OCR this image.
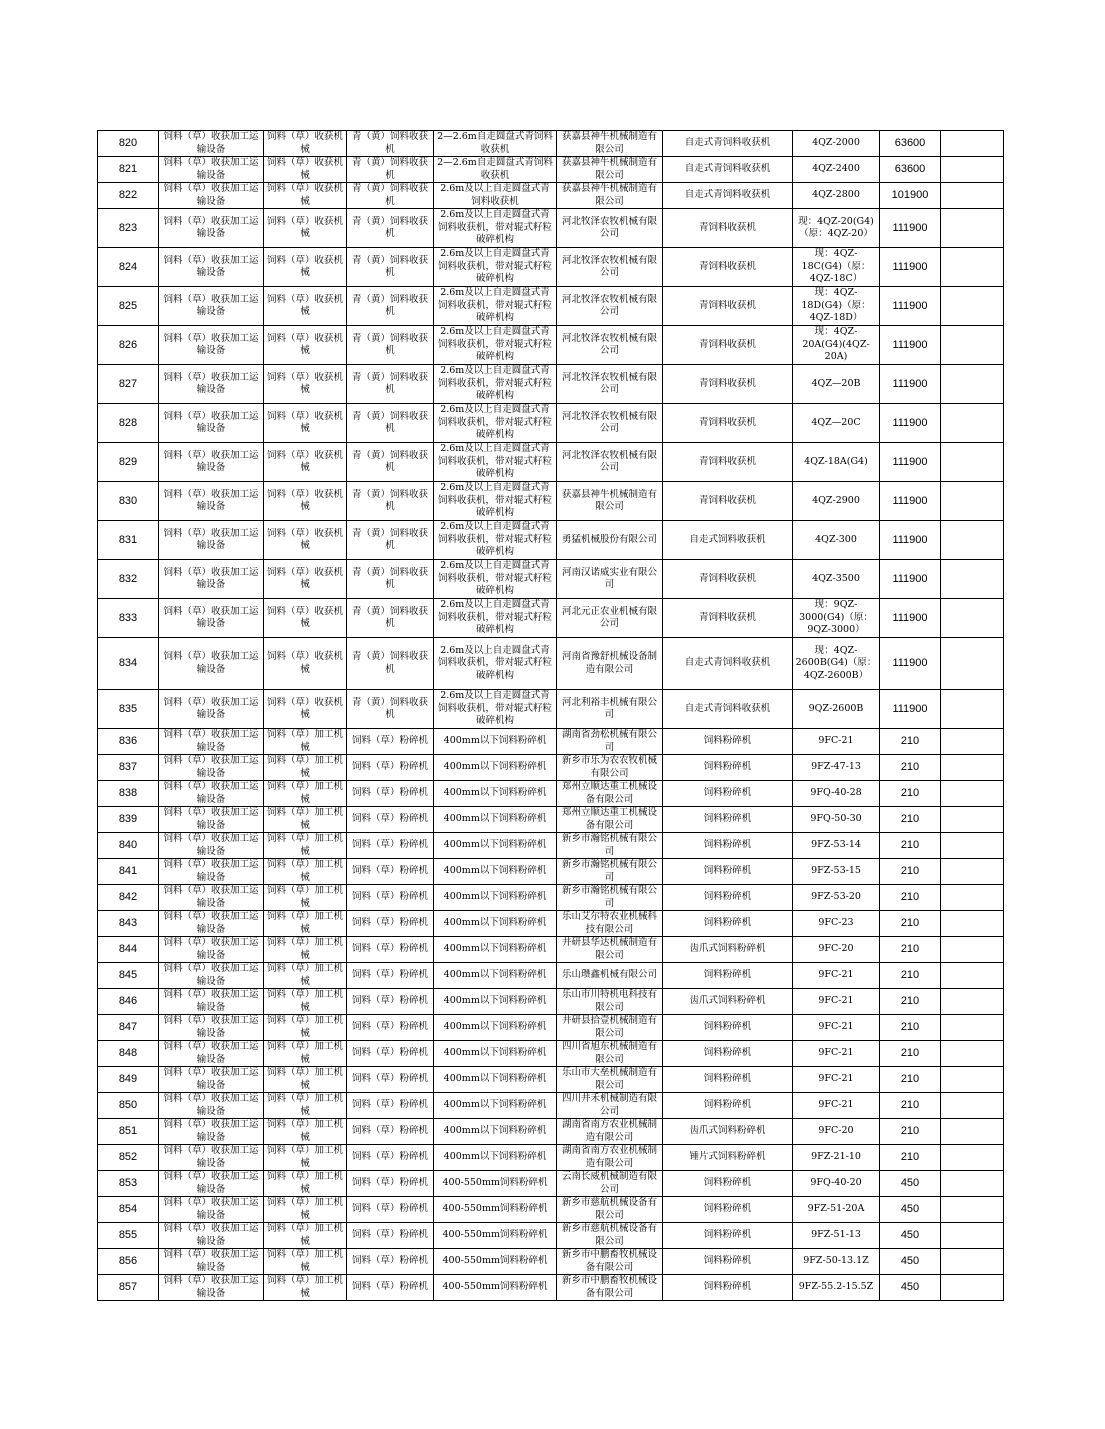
820	饲料（草）收获加工运输设备	饲料（草）收获机械	青（黄）饲料收获机	2—2.6m自走圆盘式青饲料收获机	获嘉县神牛机械制造有限公司	自走式青饲料收获机	4QZ-2000	63600	

821	饲料（草）收获加工运输设备	饲料（草）收获机械	青（黄）饲料收获机	2—2.6m自走圆盘式青饲料收获机	获嘉县神牛机械制造有限公司	自走式青饲料收获机	4QZ-2400	63600	

822	饲料（草）收获加工运输设备	饲料（草）收获机械	青（黄）饲料收获机	2.6m及以上自走圆盘式青饲料收获机	获嘉县神牛机械制造有限公司	自走式青饲料收获机	4QZ-2800	101900	

823	饲料（草）收获加工运输设备	饲料（草）收获机械	青（黄）饲料收获机	2.6m及以上自走圆盘式青饲料收获机，带对辊式籽粒破碎机构	河北牧泽农牧机械有限公司	青饲料收获机	现：4QZ-20(G4)（原：4QZ-20）	111900	

824	饲料（草）收获加工运输设备	饲料（草）收获机械	青（黄）饲料收获机	2.6m及以上自走圆盘式青饲料收获机，带对辊式籽粒破碎机构	河北牧泽农牧机械有限公司	青饲料收获机	现：4QZ-18C(G4)（原：4QZ-18C）	111900	

825	饲料（草）收获加工运输设备	饲料（草）收获机械	青（黄）饲料收获机	2.6m及以上自走圆盘式青饲料收获机，带对辊式籽粒破碎机构	河北牧泽农牧机械有限公司	青饲料收获机	现：4QZ-18D(G4)（原：4QZ-18D）	111900	

826	饲料（草）收获加工运输设备	饲料（草）收获机械	青（黄）饲料收获机	2.6m及以上自走圆盘式青饲料收获机，带对辊式籽粒破碎机构	河北牧泽农牧机械有限公司	青饲料收获机	现：4QZ-20A(G4)(4QZ-20A)	111900	

827	饲料（草）收获加工运输设备	饲料（草）收获机械	青（黄）饲料收获机	2.6m及以上自走圆盘式青饲料收获机，带对辊式籽粒破碎机构	河北牧泽农牧机械有限公司	青饲料收获机	4QZ—20B	111900	

828	饲料（草）收获加工运输设备	饲料（草）收获机械	青（黄）饲料收获机	2.6m及以上自走圆盘式青饲料收获机，带对辊式籽粒破碎机构	河北牧泽农牧机械有限公司	青饲料收获机	4QZ—20C	111900	

829	饲料（草）收获加工运输设备	饲料（草）收获机械	青（黄）饲料收获机	2.6m及以上自走圆盘式青饲料收获机，带对辊式籽粒破碎机构	河北牧泽农牧机械有限公司	青饲料收获机	4QZ-18A(G4)	111900	

830	饲料（草）收获加工运输设备	饲料（草）收获机械	青（黄）饲料收获机	2.6m及以上自走圆盘式青饲料收获机，带对辊式籽粒破碎机构	获嘉县神牛机械制造有限公司	青饲料收获机	4QZ-2900	111900	

831	饲料（草）收获加工运输设备	饲料（草）收获机械	青（黄）饲料收获机	2.6m及以上自走圆盘式青饲料收获机，带对辊式籽粒破碎机构	勇猛机械股份有限公司	自走式饲料收获机	4QZ-300	111900	

832	饲料（草）收获加工运输设备	饲料（草）收获机械	青（黄）饲料收获机	2.6m及以上自走圆盘式青饲料收获机，带对辊式籽粒破碎机构	河南汉诺威实业有限公司	青饲料收获机	4QZ-3500	111900	

833	饲料（草）收获加工运输设备	饲料（草）收获机械	青（黄）饲料收获机	2.6m及以上自走圆盘式青饲料收获机，带对辊式籽粒破碎机构	河北元正农业机械有限公司	青饲料收获机	现：9QZ-3000(G4)（原：9QZ-3000）	111900	

834	饲料（草）收获加工运输设备	饲料（草）收获机械	青（黄）饲料收获机	2.6m及以上自走圆盘式青饲料收获机，带对辊式籽粒破碎机构	河南省豫舒机械设备制造有限公司	自走式青饲料收获机	现：4QZ-2600B(G4)（原：4QZ-2600B）	111900	

835	饲料（草）收获加工运输设备	饲料（草）收获机械	青（黄）饲料收获机	2.6m及以上自走圆盘式青饲料收获机，带对辊式籽粒破碎机构	河北利裕丰机械有限公司	自走式青饲料收获机	9QZ-2600B	111900	

836	饲料（草）收获加工运输设备	饲料（草）加工机械	饲料（草）粉碎机	400mm以下饲料粉碎机	湖南省劲松机械有限公司	饲料粉碎机	9FC-21	210	

837	饲料（草）收获加工运输设备	饲料（草）加工机械	饲料（草）粉碎机	400mm以下饲料粉碎机	新乡市乐为农农牧机械有限公司	饲料粉碎机	9FZ-47-13	210	

838	饲料（草）收获加工运输设备	饲料（草）加工机械	饲料（草）粉碎机	400mm以下饲料粉碎机	郑州立顺达重工机械设备有限公司	饲料粉碎机	9FQ-40-28	210	

839	饲料（草）收获加工运输设备	饲料（草）加工机械	饲料（草）粉碎机	400mm以下饲料粉碎机	郑州立顺达重工机械设备有限公司	饲料粉碎机	9FQ-50-30	210	

840	饲料（草）收获加工运输设备	饲料（草）加工机械	饲料（草）粉碎机	400mm以下饲料粉碎机	新乡市瀚铭机械有限公司	饲料粉碎机	9FZ-53-14	210	

841	饲料（草）收获加工运输设备	饲料（草）加工机械	饲料（草）粉碎机	400mm以下饲料粉碎机	新乡市瀚铭机械有限公司	饲料粉碎机	9FZ-53-15	210	

842	饲料（草）收获加工运输设备	饲料（草）加工机械	饲料（草）粉碎机	400mm以下饲料粉碎机	新乡市瀚铭机械有限公司	饲料粉碎机	9FZ-53-20	210	

843	饲料（草）收获加工运输设备	饲料（草）加工机械	饲料（草）粉碎机	400mm以下饲料粉碎机	乐山艾尔特农业机械科技有限公司	饲料粉碎机	9FC-23	210	

844	饲料（草）收获加工运输设备	饲料（草）加工机械	饲料（草）粉碎机	400mm以下饲料粉碎机	井研县华达机械制造有限公司	齿爪式饲料粉碎机	9FC-20	210	

845	饲料（草）收获加工运输设备	饲料（草）加工机械	饲料（草）粉碎机	400mm以下饲料粉碎机	乐山瓒鑫机械有限公司	饲料粉碎机	9FC-21	210	

846	饲料（草）收获加工运输设备	饲料（草）加工机械	饲料（草）粉碎机	400mm以下饲料粉碎机	乐山市川特机电科技有限公司	齿爪式饲料粉碎机	9FC-21	210	

847	饲料（草）收获加工运输设备	饲料（草）加工机械	饲料（草）粉碎机	400mm以下饲料粉碎机	井研县拾壹机械制造有限公司	饲料粉碎机	9FC-21	210	

848	饲料（草）收获加工运输设备	饲料（草）加工机械	饲料（草）粉碎机	400mm以下饲料粉碎机	四川省旭东机械制造有限公司	饲料粉碎机	9FC-21	210	

849	饲料（草）收获加工运输设备	饲料（草）加工机械	饲料（草）粉碎机	400mm以下饲料粉碎机	乐山市大垒机械制造有限公司	饲料粉碎机	9FC-21	210	

850	饲料（草）收获加工运输设备	饲料（草）加工机械	饲料（草）粉碎机	400mm以下饲料粉碎机	四川井禾机械制造有限公司	饲料粉碎机	9FC-21	210	

851	饲料（草）收获加工运输设备	饲料（草）加工机械	饲料（草）粉碎机	400mm以下饲料粉碎机	湖南省南方农业机械制造有限公司	齿爪式饲料粉碎机	9FC-20	210	

852	饲料（草）收获加工运输设备	饲料（草）加工机械	饲料（草）粉碎机	400mm以下饲料粉碎机	湖南省南方农业机械制造有限公司	锤片式饲料粉碎机	9FZ-21-10	210	

853	饲料（草）收获加工运输设备	饲料（草）加工机械	饲料（草）粉碎机	400-550mm饲料粉碎机	云南长威机械制造有限公司	饲料粉碎机	9FQ-40-20	450	

854	饲料（草）收获加工运输设备	饲料（草）加工机械	饲料（草）粉碎机	400-550mm饲料粉碎机	新乡市慈航机械设备有限公司	饲料粉碎机	9FZ-51-20A	450	

855	饲料（草）收获加工运输设备	饲料（草）加工机械	饲料（草）粉碎机	400-550mm饲料粉碎机	新乡市慈航机械设备有限公司	饲料粉碎机	9FZ-51-13	450	

856	饲料（草）收获加工运输设备	饲料（草）加工机械	饲料（草）粉碎机	400-550mm饲料粉碎机	新乡市中鹏畜牧机械设备有限公司	饲料粉碎机	9FZ-50-13.1Z	450	

857	饲料（草）收获加工运输设备	饲料（草）加工机械	饲料（草）粉碎机	400-550mm饲料粉碎机	新乡市中鹏畜牧机械设备有限公司	饲料粉碎机	9FZ-55.2-15.5Z	450	
